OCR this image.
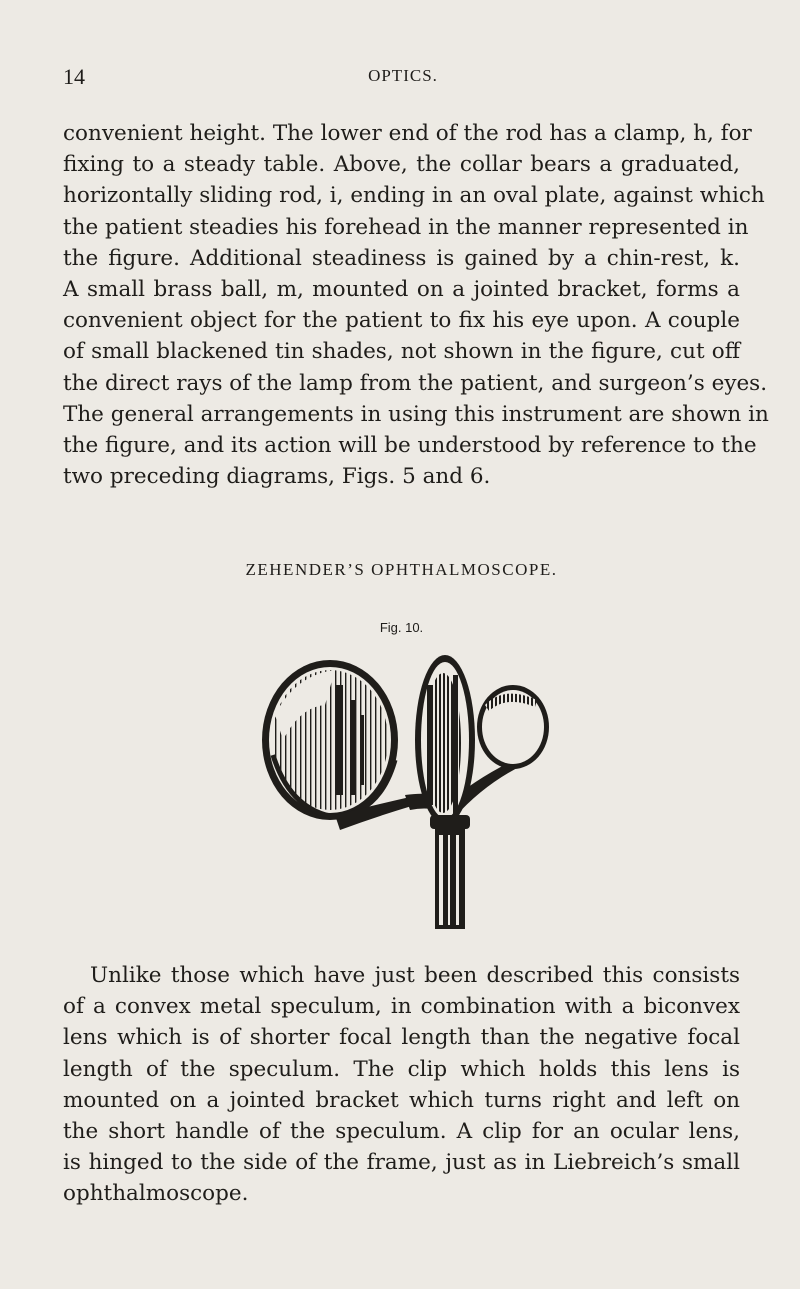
14	OPTICS.

convenient height. The lower end of the rod has a clamp, h, for
fixing to a steady table. Above, the collar bears a graduated,
horizontally sliding rod, i, ending in an oval plate, against which
the patient steadies his forehead in the manner represented in
the figure. Additional steadiness is gained by a chin-rest, k.
A small brass ball, m, mounted on a jointed bracket, forms a
convenient object for the patient to fix his eye upon. A couple
of small blackened tin shades, not shown in the figure, cut off
the direct rays of the lamp from the patient, and surgeon’s eyes.
The general arrangements in using this instrument are shown in
the figure, and its action will be understood by reference to the
two preceding diagrams, Figs. 5 and 6.

ZEHENDER’S OPHTHALMOSCOPE.
Fig. 10.

Unlike those which have just been described this consists
of a convex metal speculum, in combination with a biconvex
lens which is of shorter focal length than the negative focal
length of the speculum. The clip which holds this lens is
mounted on a jointed bracket which turns right and left on
the short handle of the speculum. A clip for an ocular lens,
is hinged to the side of the frame, just as in Liebreich’s small
ophthalmoscope.
